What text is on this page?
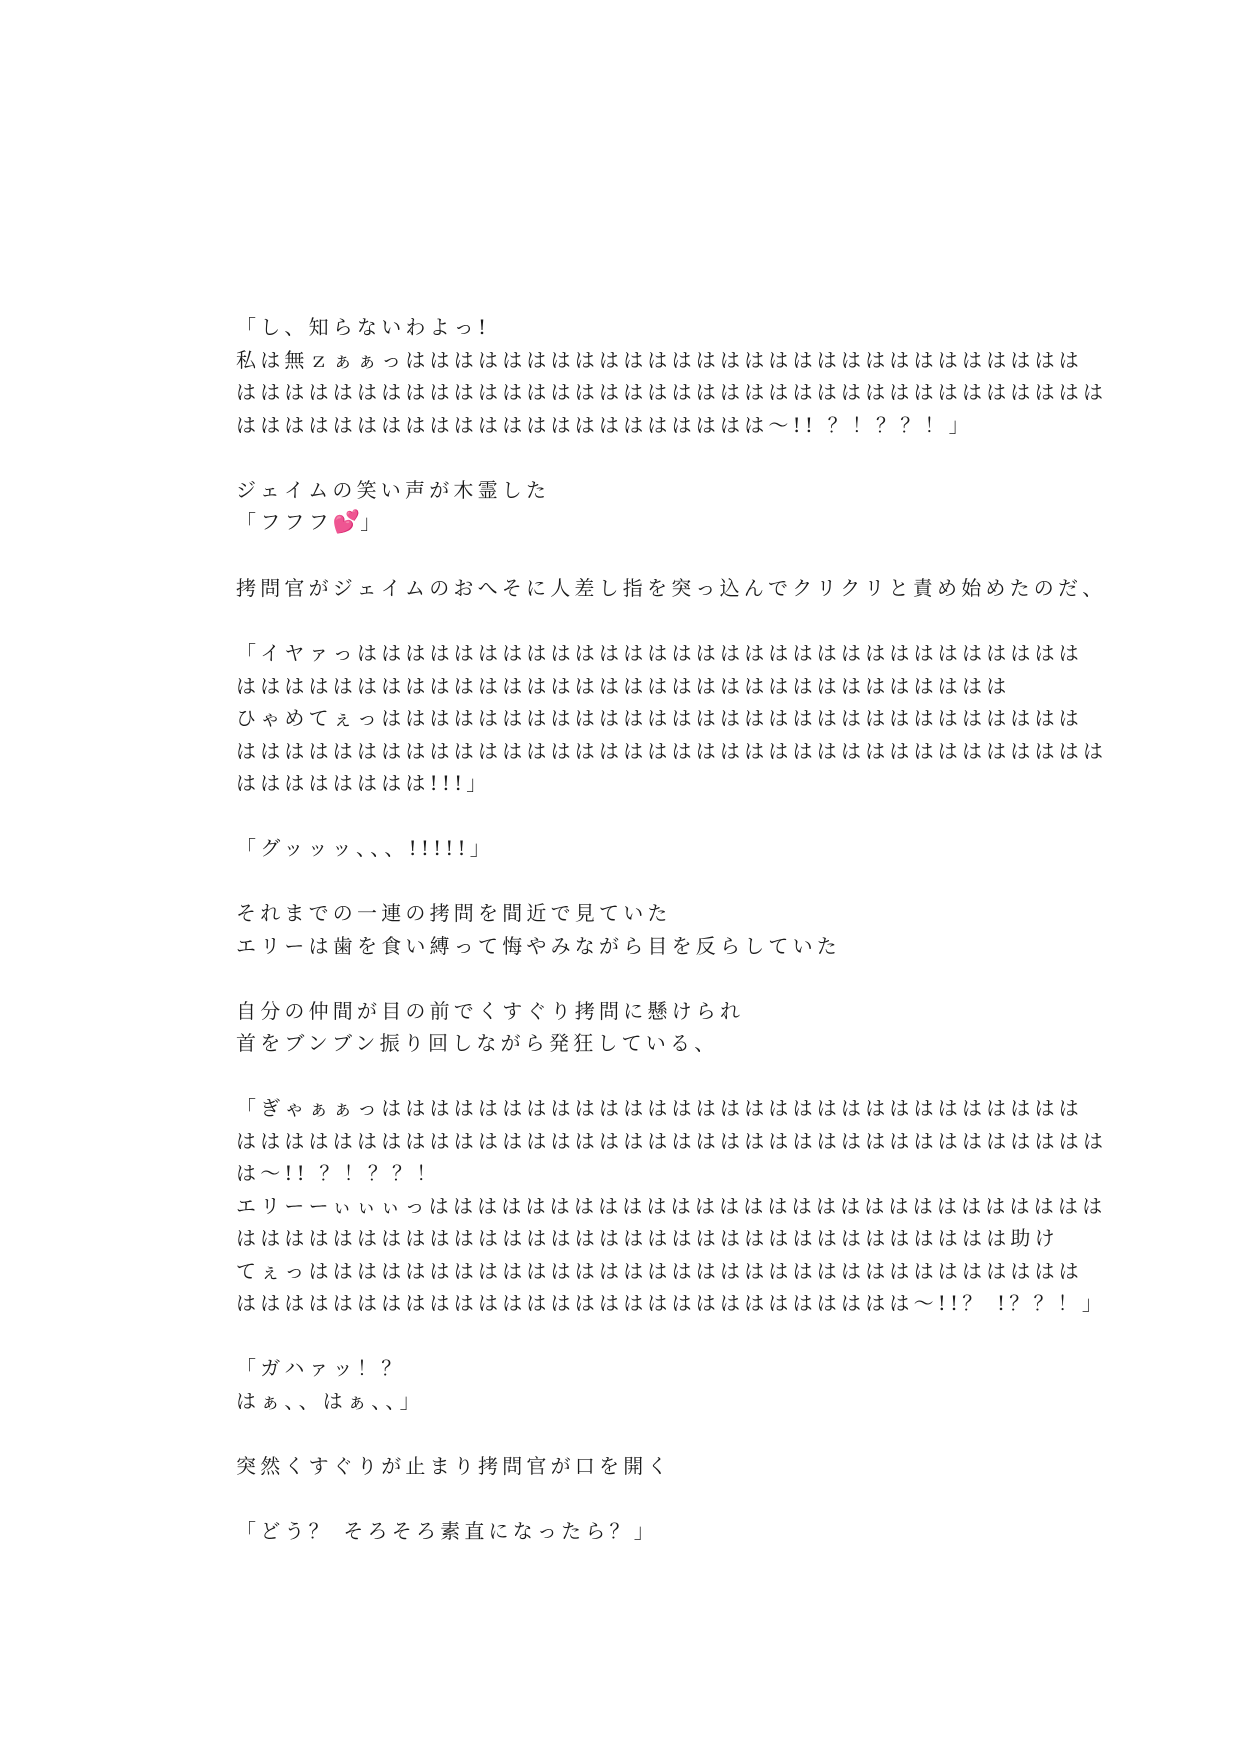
「し、知らないわよっ!
私は無ｚぁぁっはははははははははははははははははははははははははははは
はははははははははははははははははははははははははははははははははははは
はははははははははははははははははははははは～!! ？！？？！」

ジェイムの笑い声が木霊した
「フフフ💕」

拷問官がジェイムのおへそに人差し指を突っ込んでクリクリと責め始めたのだ、

「イヤァっはははははははははははははははははははははははははははははは
はははははははははははははははははははははははははははははははは
ひゃめてぇっははははははははははははははははははははははははははははは
はははははははははははははははははははははははははははははははははははは
はははははははは!!!」

「グッッッ、、、!!!!!」

それまでの一連の拷問を間近で見ていた
エリーは歯を食い縛って悔やみながら目を反らしていた

自分の仲間が目の前でくすぐり拷問に懸けられ
首をブンブン振り回しながら発狂している、

「ぎゃぁぁっははははははははははははははははははははははははははははは
はははははははははははははははははははははははははははははははははははは
は～!! ？！？？！
エリーーぃぃぃっはははははははははははははははははははははははははははは
はははははははははははははははははははははははははははははははは助け
てぇっはははははははははははははははははははははははははははははははは
はははははははははははははははははははははははははははは～!!？ !？？！」

「ガハァッ！？
はぁ、、はぁ、、」

突然くすぐりが止まり拷問官が口を開く

「どう？ そろそろ素直になったら？」
